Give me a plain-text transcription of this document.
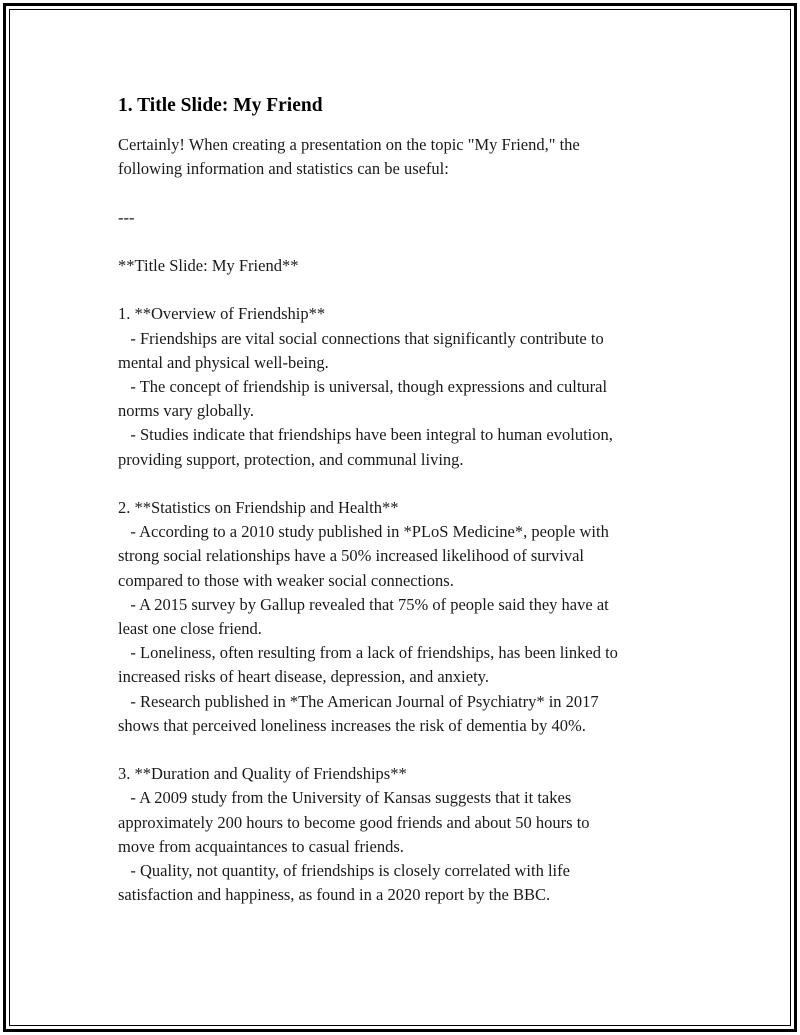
1. Title Slide: My Friend
Certainly! When creating a presentation on the topic "My Friend," the
following information and statistics can be useful:
---
**Title Slide: My Friend**
1. **Overview of Friendship**
- Friendships are vital social connections that significantly contribute to
mental and physical well-being.
- The concept of friendship is universal, though expressions and cultural
norms vary globally.
- Studies indicate that friendships have been integral to human evolution,
providing support, protection, and communal living.
2. **Statistics on Friendship and Health**
- According to a 2010 study published in *PLoS Medicine*, people with
strong social relationships have a 50% increased likelihood of survival
compared to those with weaker social connections.
- A 2015 survey by Gallup revealed that 75% of people said they have at
least one close friend.
- Loneliness, often resulting from a lack of friendships, has been linked to
increased risks of heart disease, depression, and anxiety.
- Research published in *The American Journal of Psychiatry* in 2017
shows that perceived loneliness increases the risk of dementia by 40%.
3. **Duration and Quality of Friendships**
- A 2009 study from the University of Kansas suggests that it takes
approximately 200 hours to become good friends and about 50 hours to
move from acquaintances to casual friends.
- Quality, not quantity, of friendships is closely correlated with life
satisfaction and happiness, as found in a 2020 report by the BBC.
